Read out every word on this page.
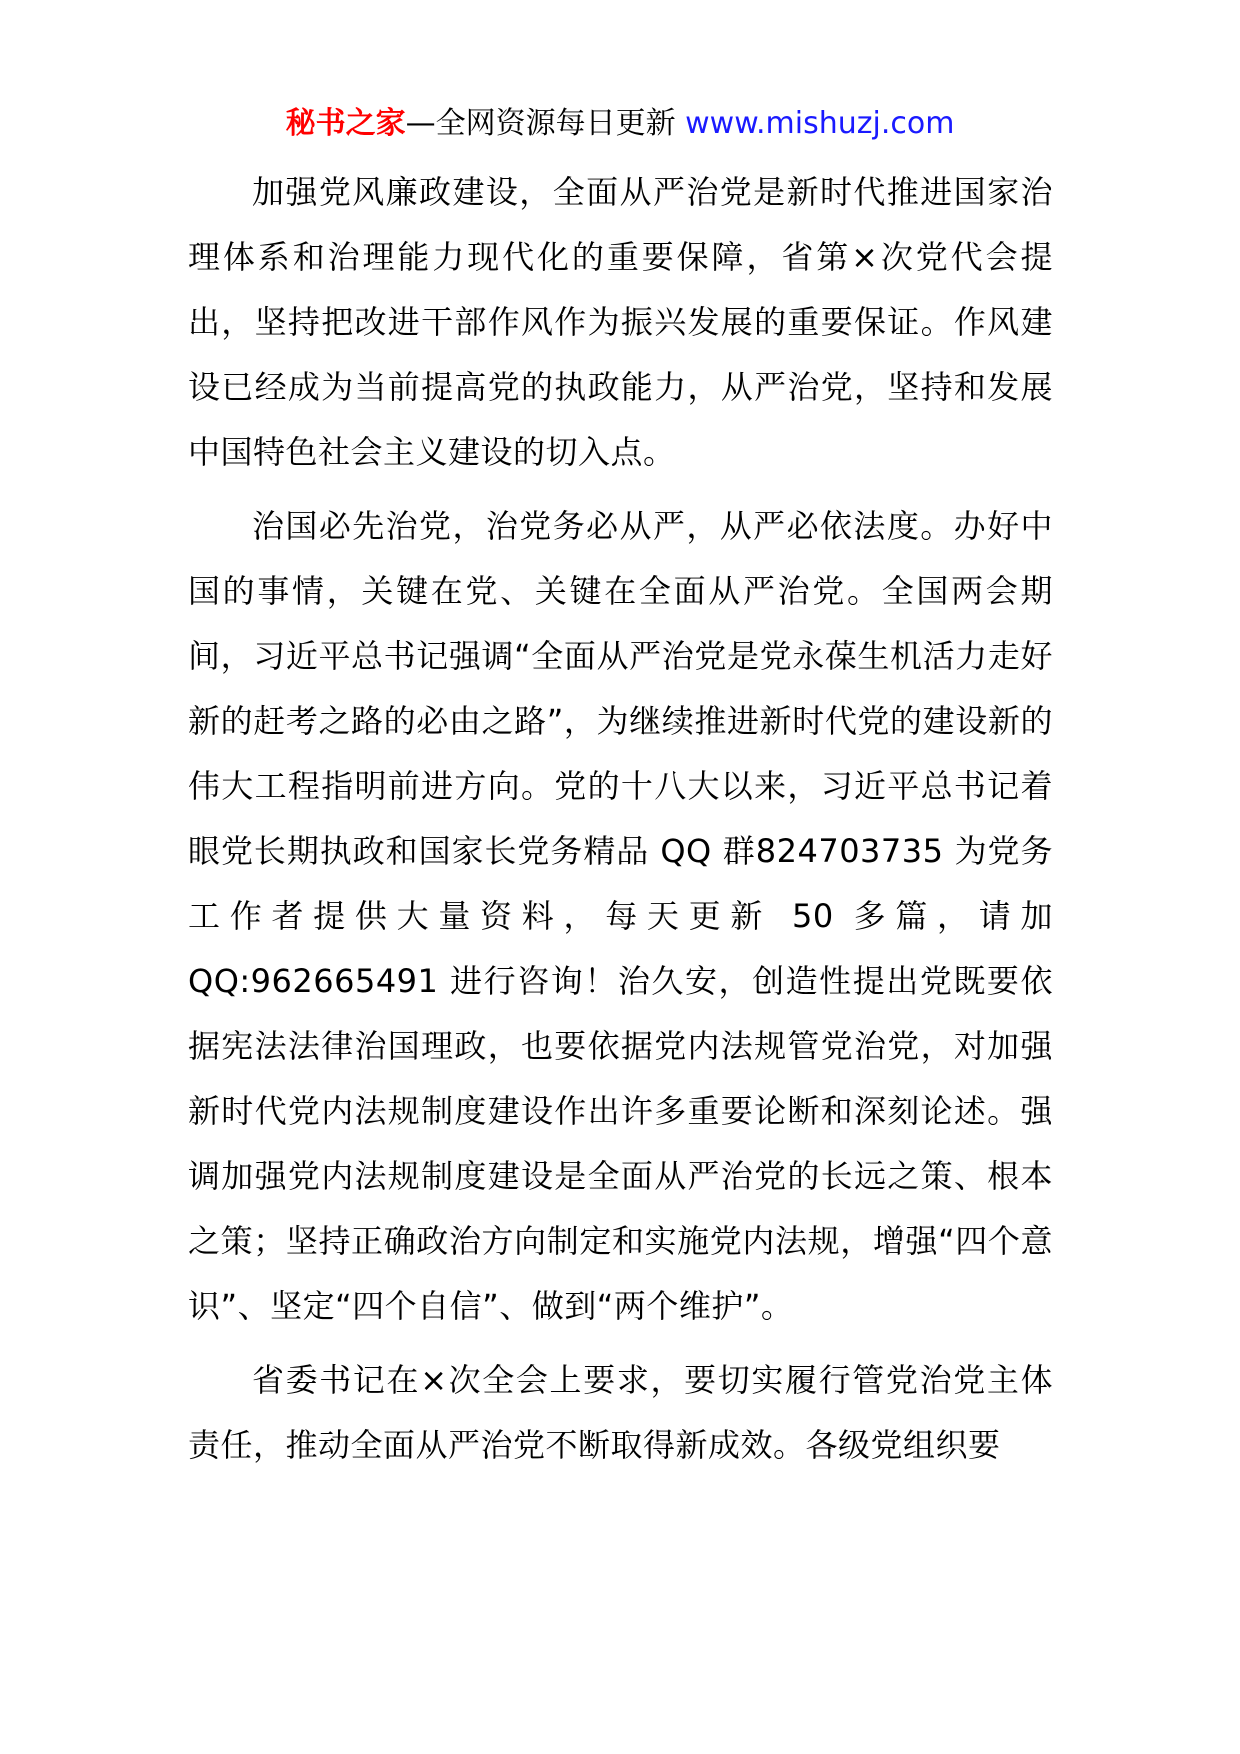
秘书之家—全网资源每日更新 www.mishuzj.com

加强党风廉政建设，全面从严治党是新时代推进国家治理体系和治理能力现代化的重要保障，省第×次党代会提出，坚持把改进干部作风作为振兴发展的重要保证。作风建设已经成为当前提高党的执政能力，从严治党，坚持和发展中国特色社会主义建设的切入点。

治国必先治党，治党务必从严，从严必依法度。办好中国的事情，关键在党、关键在全面从严治党。全国两会期间，习近平总书记强调“全面从严治党是党永葆生机活力走好新的赶考之路的必由之路”，为继续推进新时代党的建设新的伟大工程指明前进方向。党的十八大以来，习近平总书记着眼党长期执政和国家长党务精品 QQ 群824703735 为党务工作者提供大量资料，每天更新 50 多篇，请加 QQ:962665491 进行咨询！治久安，创造性提出党既要依据宪法法律治国理政，也要依据党内法规管党治党，对加强新时代党内法规制度建设作出许多重要论断和深刻论述。强调加强党内法规制度建设是全面从严治党的长远之策、根本之策；坚持正确政治方向制定和实施党内法规，增强“四个意识”、坚定“四个自信”、做到“两个维护”。

省委书记在×次全会上要求，要切实履行管党治党主体责任，推动全面从严治党不断取得新成效。各级党组织要
